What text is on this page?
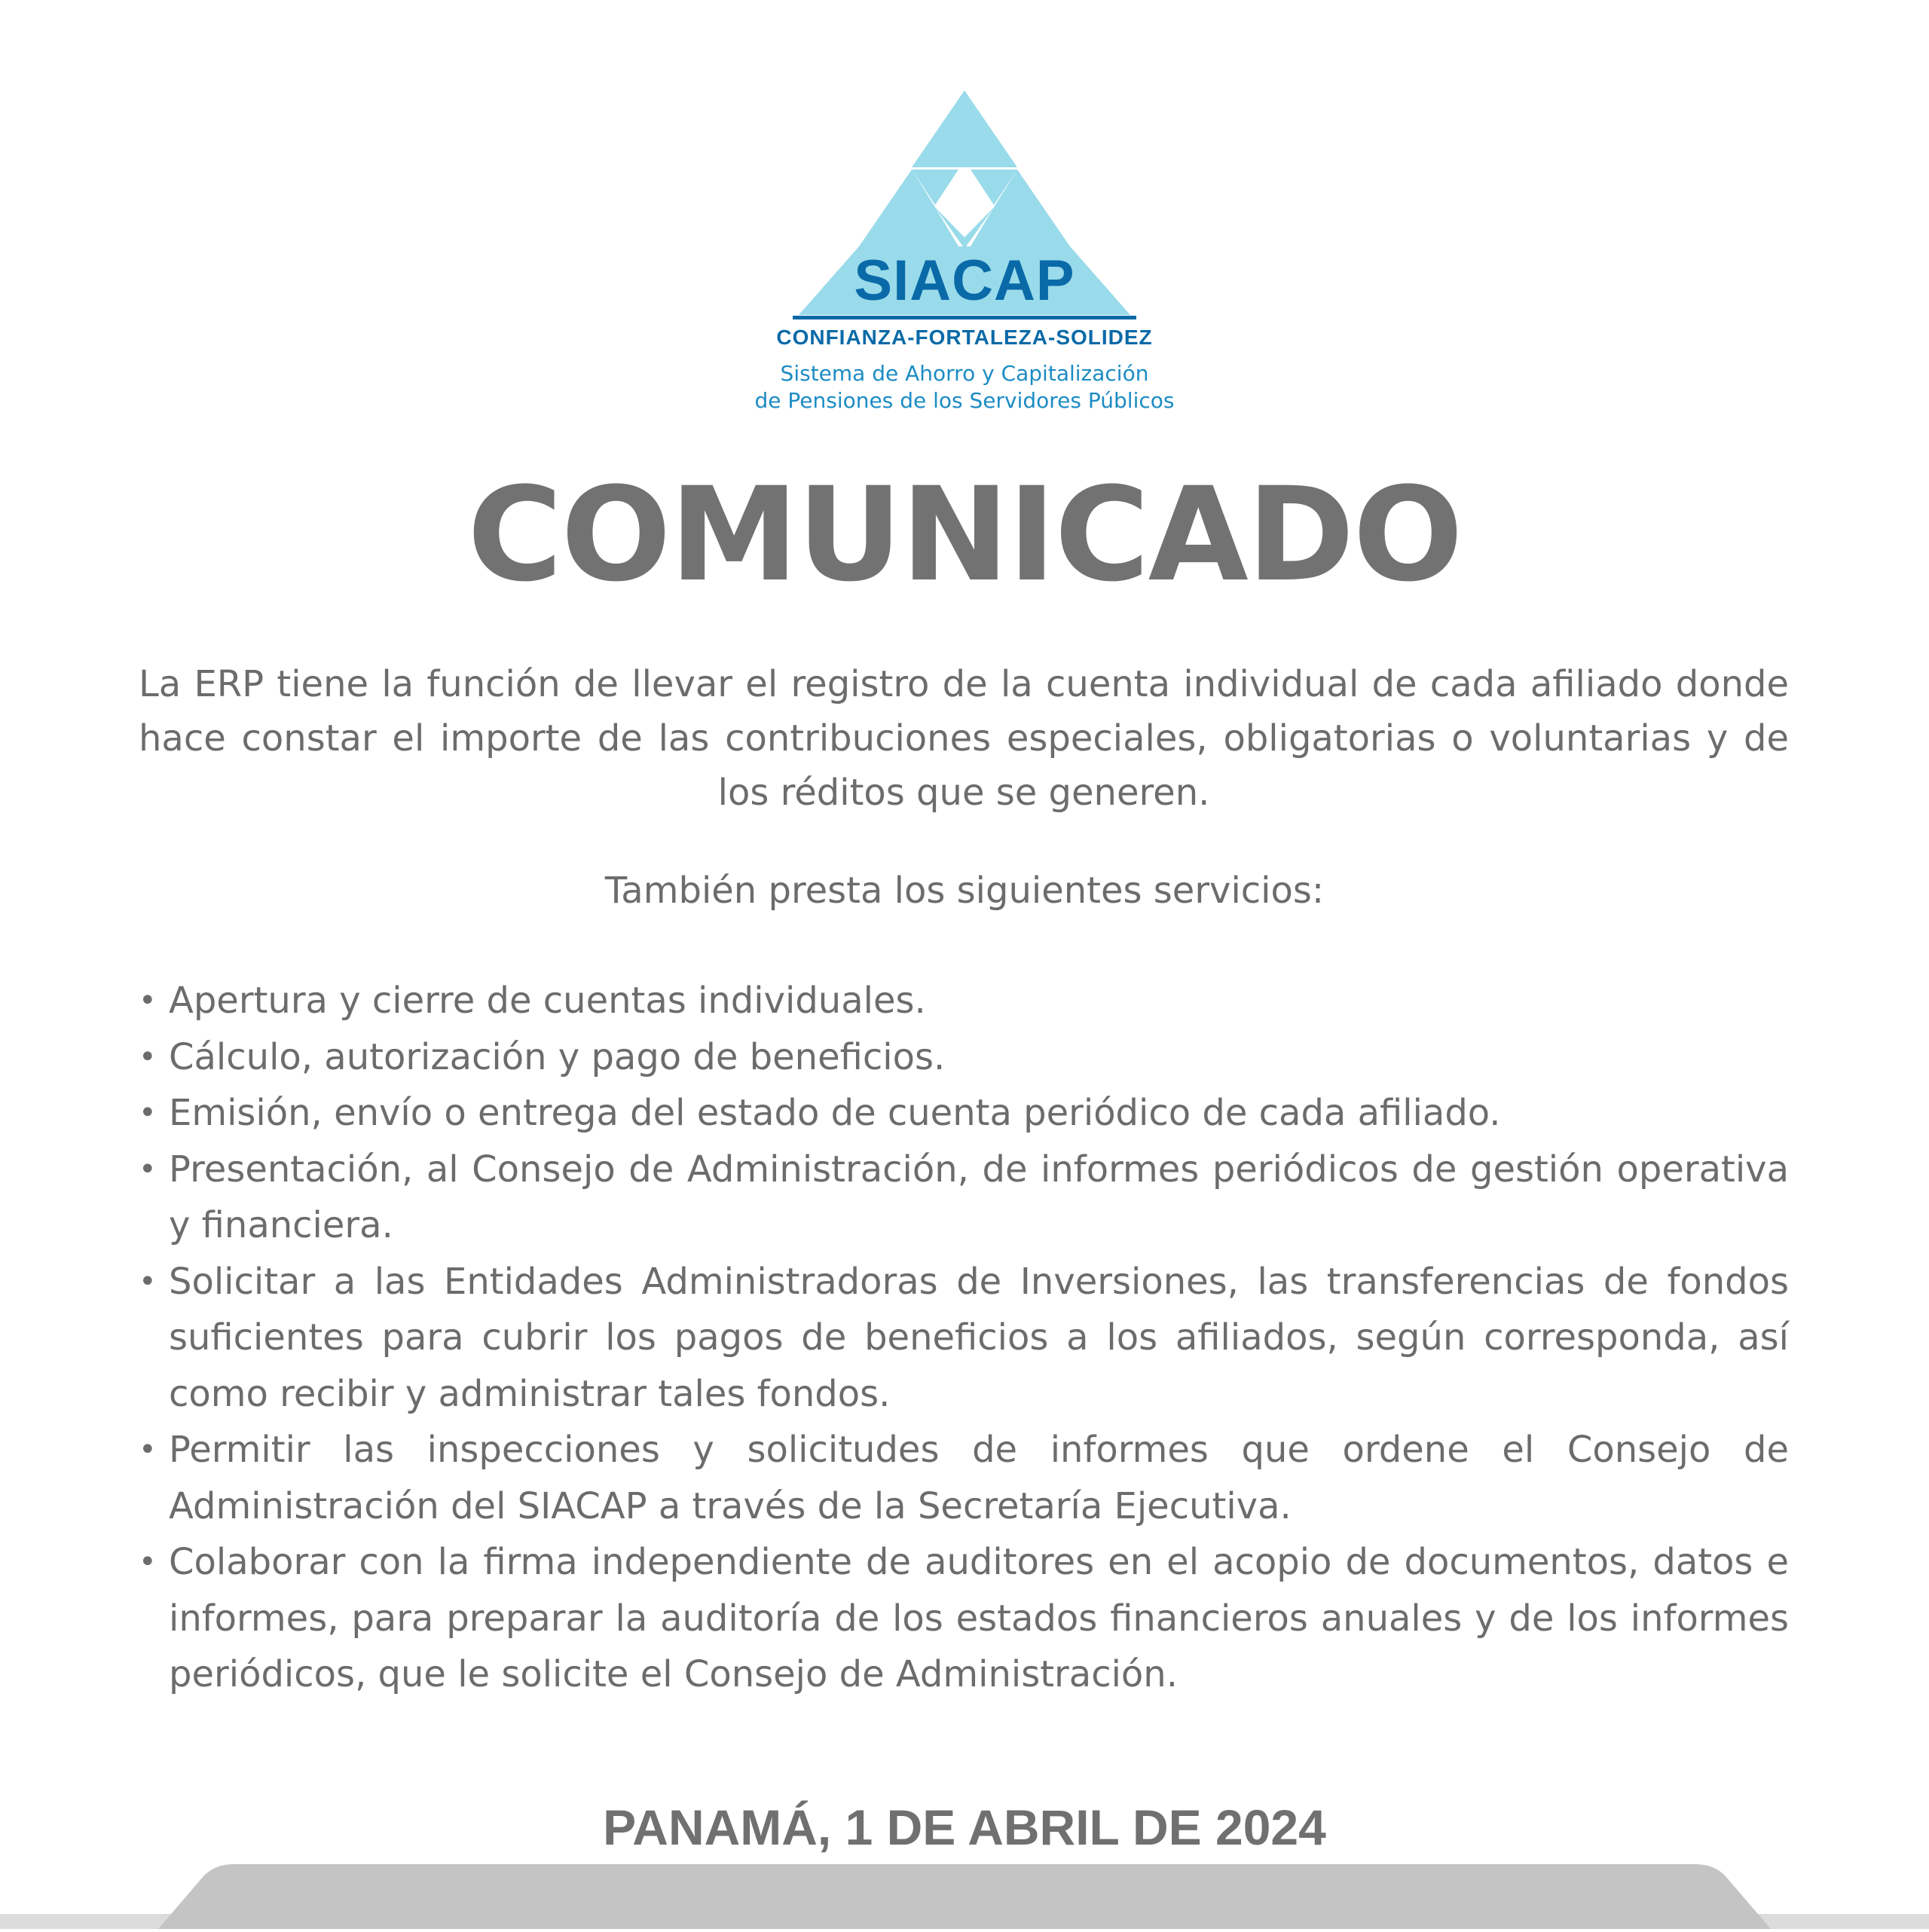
SIACAP
CONFIANZA-FORTALEZA-SOLIDEZ
Sistema de Ahorro y Capitalización
de Pensiones de los Servidores Públicos
COMUNICADO
La ERP tiene la función de llevar el registro de la cuenta individual de cada afiliado donde hace constar el importe de las contribuciones especiales, obligatorias o voluntarias y de los réditos que se generen.
También presta los siguientes servicios:
• Apertura y cierre de cuentas individuales.
• Cálculo, autorización y pago de beneficios.
• Emisión, envío o entrega del estado de cuenta periódico de cada afiliado.
• Presentación, al Consejo de Administración, de informes periódicos de gestión operativa y financiera.
• Solicitar a las Entidades Administradoras de Inversiones, las transferencias de fondos suficientes para cubrir los pagos de beneficios a los afiliados, según corresponda, así como recibir y administrar tales fondos.
• Permitir las inspecciones y solicitudes de informes que ordene el Consejo de Administración del SIACAP a través de la Secretaría Ejecutiva.
• Colaborar con la firma independiente de auditores en el acopio de documentos, datos e informes, para preparar la auditoría de los estados financieros anuales y de los informes periódicos, que le solicite el Consejo de Administración.
PANAMÁ, 1 DE ABRIL DE 2024
